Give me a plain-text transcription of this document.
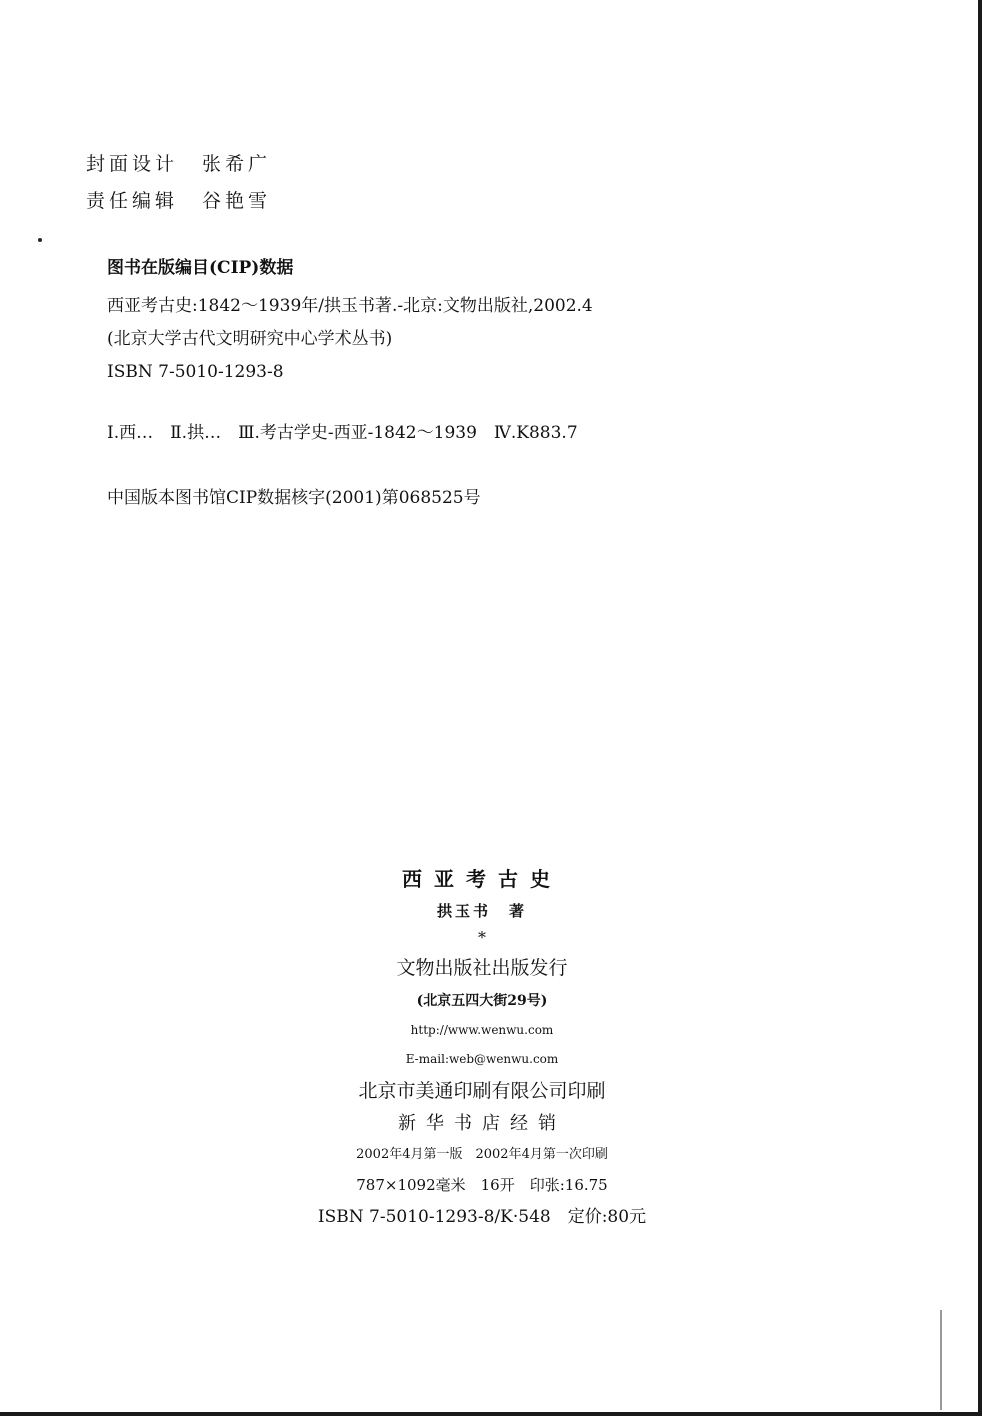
封面设计 张希广
责任编辑 谷艳雪
图书在版编目(CIP)数据
西亚考古史:1842～1939年/拱玉书著.-北京:文物出版社,2002.4
(北京大学古代文明研究中心学术丛书)
ISBN 7-5010-1293-8
Ⅰ.西…　Ⅱ.拱…　Ⅲ.考古学史-西亚-1842～1939　Ⅳ.K883.7
中国版本图书馆CIP数据核字(2001)第068525号
西亚考古史
拱玉书　著
*
文物出版社出版发行
(北京五四大街29号)
http://www.wenwu.com
E-mail:web@wenwu.com
北京市美通印刷有限公司印刷
新华书店经销
2002年4月第一版　2002年4月第一次印刷
787×1092毫米　16开　印张:16.75
ISBN 7-5010-1293-8/K·548　定价:80元
